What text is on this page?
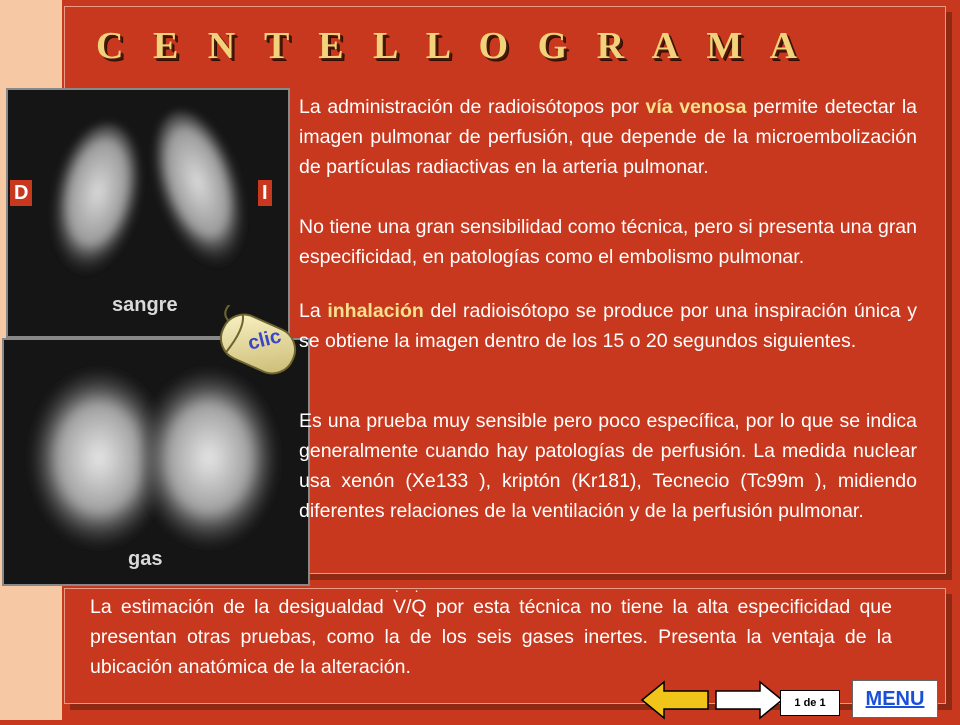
C E N T E L L O G R A M A
sangre
D	I
gas
clic

La administración de radioisótopos por vía venosa permite detectar la imagen pulmonar de perfusión, que depende de la microembolización de partículas radiactivas en la arteria pulmonar.

No tiene una gran sensibilidad como técnica, pero si presenta una gran especificidad, en patologías como el embolismo pulmonar.

La inhalación del radioisótopo se produce por una inspiración única y se obtiene la imagen dentro de los 15 o 20 segundos siguientes.

Es una prueba muy sensible pero poco específica, por lo que se indica generalmente cuando hay patologías de perfusión. La medida nuclear usa xenón (Xe133 ), kriptón (Kr181), Tecnecio (Tc99m ), midiendo diferentes relaciones de la ventilación y de la perfusión pulmonar.

La estimación de la desigualdad
. .
V/Q por esta técnica no tiene la alta especificidad que presentan otras pruebas, como la de los seis gases inertes. Presenta la ventaja de la ubicación anatómica de la alteración.

1 de 1	MENU
